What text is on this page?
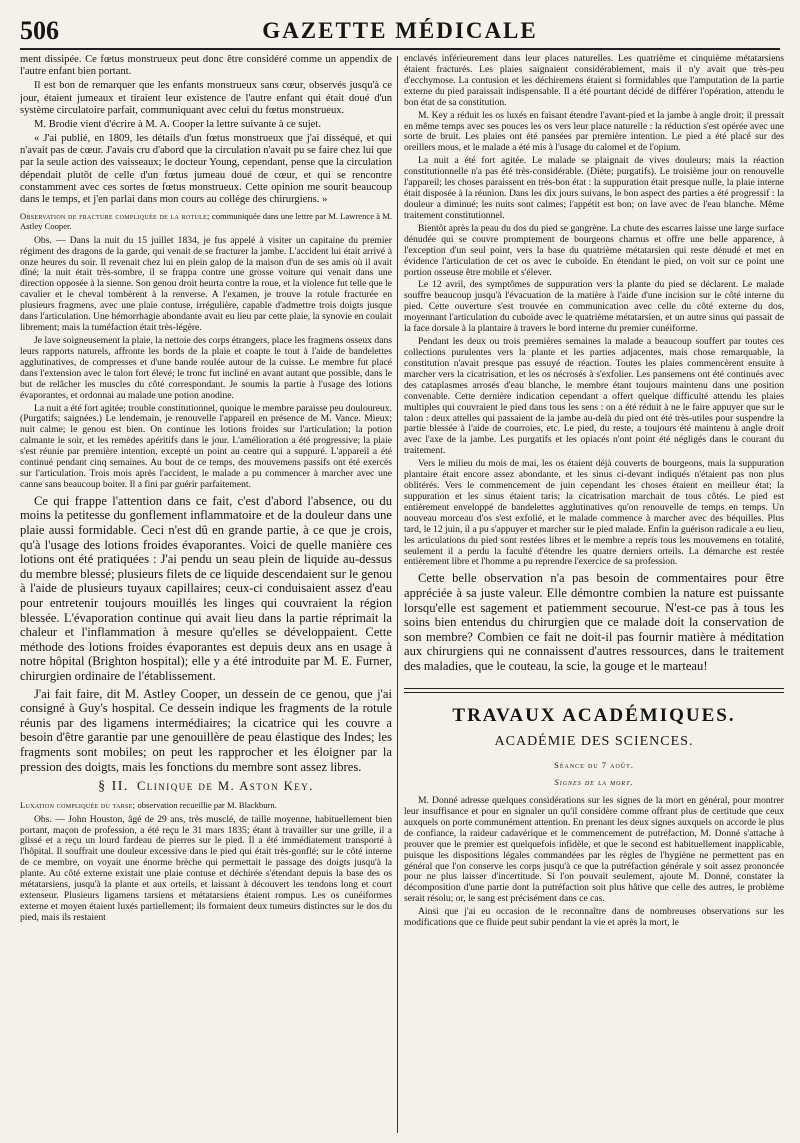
506	GAZETTE MÉDICALE

ment dissipée. Ce fœtus monstrueux peut donc être considéré comme un appendix de l'autre enfant bien portant.

Il est bon de remarquer que les enfants monstrueux sans cœur, observés jusqu'à ce jour, étaient jumeaux et tiraient leur existence de l'autre enfant qui était doué d'un système circulatoire parfait, communiquant avec celui du fœtus monstrueux.

M. Brodie vient d'écrire à M. A. Cooper la lettre suivante à ce sujet.

« J'ai publié, en 1809, les détails d'un fœtus monstrueux que j'ai disséqué, et qui n'avait pas de cœur. J'avais cru d'abord que la circulation n'avait pu se faire chez lui que par la seule action des vaisseaux; le docteur Young, cependant, pense que la circulation dépendait plutôt de celle d'un fœtus jumeau doué de cœur, et qui se rencontre constamment avec ces sortes de fœtus monstrueux. Cette opinion me sourit beaucoup dans le temps, et j'en parlai dans mon cours au collége des chirurgiens. »

Observation de fracture compliquée de la rotule; communiquée dans une lettre par M. Lawrence à M. Astley Cooper.

Obs. — Dans la nuit du 15 juillet 1834, je fus appelé à visiter un capitaine du premier régiment des dragons de la garde, qui venait de se fracturer la jambe. L'accident lui était arrivé à onze heures du soir. Il revenait chez lui en plein galop de la maison d'un de ses amis où il avait dîné; la nuit était très-sombre, il se frappa contre une grosse voiture qui venait dans une direction opposée à la sienne. Son genou droit heurta contre la roue, et la violence fut telle que le cavalier et le cheval tombèrent à la renverse. A l'examen, je trouve la rotule fracturée en plusieurs fragmens, avec une plaie contuse, irrégulière, capable d'admettre trois doigts jusque dans l'articulation. Une hémorrhagie abondante avait eu lieu par cette plaie, la synovie en coulait librement; mais la tuméfaction était très-légère.

Je lave soigneusement la plaie, la nettoie des corps étrangers, place les fragmens osseux dans leurs rapports naturels, affronte les bords de la plaie et coapte le tout à l'aide de bandelettes agglutinatives, de compresses et d'une bande roulée autour de la cuisse. Le membre fut placé dans l'extension avec le talon fort élevé; le tronc fut incliné en avant autant que possible, dans le but de relâcher les muscles du côté correspondant. Je soumis la partie à l'usage des lotions évaporantes, et ordonnai au malade une potion anodine.

La nuit a été fort agitée; trouble constitutionnel, quoique le membre paraisse peu douloureux. (Purgatifs; saignées.) Le lendemain, je renouvelle l'appareil en présence de M. Vance. Mieux; nuit calme; le genou est bien. On continue les lotions froides sur l'articulation; la potion calmante le soir, et les remèdes apéritifs dans le jour. L'amélioration a été progressive; la plaie s'est réunie par première intention, excepté un point au centre qui a suppuré. L'appareil a été continué pendant cinq semaines. Au bout de ce temps, des mouvemens passifs ont été exercés sur l'articulation. Trois mois après l'accident, le malade a pu commencer à marcher avec une canne sans beaucoup boiter. Il a fini par guérir parfaitement.

Ce qui frappe l'attention dans ce fait, c'est d'abord l'absence, ou du moins la petitesse du gonflement inflammatoire et de la douleur dans une plaie aussi formidable. Ceci n'est dû en grande partie, à ce que je crois, qu'à l'usage des lotions froides évaporantes. Voici de quelle manière ces lotions ont été pratiquées : J'ai pendu un seau plein de liquide au-dessus du membre blessé; plusieurs filets de ce liquide descendaient sur le genou à l'aide de plusieurs tuyaux capillaires; ceux-ci conduisaient assez d'eau pour entretenir toujours mouillés les linges qui couvraient la région blessée. L'évaporation continue qui avait lieu dans la partie réprimait la chaleur et l'inflammation à mesure qu'elles se développaient. Cette méthode des lotions froides évaporantes est depuis deux ans en usage à notre hôpital (Brighton hospital); elle y a été introduite par M. E. Furner, chirurgien ordinaire de l'établissement.

J'ai fait faire, dit M. Astley Cooper, un dessein de ce genou, que j'ai consigné à Guy's hospital. Ce dessein indique les fragments de la rotule réunis par des ligamens intermédiaires; la cicatrice qui les couvre a besoin d'être garantie par une genouillère de peau élastique des Indes; les fragments sont mobiles; on peut les rapprocher et les éloigner par la pression des doigts, mais les fonctions du membre sont assez libres.

§ II. Clinique de M. Aston Key.

Luxation compliquée du tarse; observation recueillie par M. Blackburn.

Obs. — John Houston, âgé de 29 ans, très musclé, de taille moyenne, habituellement bien portant, maçon de profession, a été reçu le 31 mars 1835; étant à travailler sur une grille, il a glissé et a reçu un lourd fardeau de pierres sur le pied. Il a été immédiatement transporté à l'hôpital. Il souffrait une douleur excessive dans le pied qui était très-gonflé; sur le côté interne de ce membre, on voyait une énorme brèche qui permettait le passage des doigts jusqu'à la plante. Au côté externe existait une plaie contuse et déchirée s'étendant depuis la base des os métatarsiens, jusqu'à la plante et aux orteils, et laissant à découvert les tendons long et court extenseur. Plusieurs ligamens tarsiens et métatarsiens étaient rompus. Les os cunéiformes externe et moyen étaient luxés partiellement; ils formaient deux tumeurs distinctes sur le dos du pied, mais ils restaient

enclavés inférieurement dans leur places naturelles. Les quatrième et cinquième métatarsiens étaient fracturés. Les plaies saignaient considérablement, mais il n'y avait que très-peu d'ecchymose. La contusion et les déchiremens étaient si formidables que l'amputation de la partie externe du pied paraissait indispensable. Il a été pourtant décidé de différer l'opération, attendu le bon état de sa constitution.

M. Key a réduit les os luxés en faisant étendre l'avant-pied et la jambe à angle droit; il pressait en même temps avec ses pouces les os vers leur place naturelle : la réduction s'est opérée avec une sorte de bruit. Les plaies ont été pansées par première intention. Le pied a été placé sur des oreillers mous, et le malade a été mis à l'usage du calomel et de l'opium.

La nuit a été fort agitée. Le malade se plaignait de vives douleurs; mais la réaction constitutionnelle n'a pas été très-considérable. (Diète; purgatifs). Le troisième jour on renouvelle l'appareil; les choses paraissent en très-bon état : la suppuration était presque nulle, la plaie interne était disposée à la réunion. Dans les dix jours suivans, le bon aspect des parties a été progressif : la douleur a diminué; les nuits sont calmes; l'appétit est bon; on lave avec de l'eau blanche. Même traitement constitutionnel.

Bientôt après la peau du dos du pied se gangrène. La chute des escarres laisse une large surface dénudée qui se couvre promptement de bourgeons charnus et offre une belle apparence, à l'exception d'un seul point, vers la base du quatrième métatarsien qui reste dénudé et met en évidence l'articulation de cet os avec le cuboïde. En étendant le pied, on voit sur ce point une portion osseuse être mobile et s'élever.

Le 12 avril, des symptômes de suppuration vers la plante du pied se déclarent. Le malade souffre beaucoup jusqu'à l'évacuation de la matière à l'aide d'une incision sur le côté interne du pied. Cette ouverture s'est trouvée en communication avec celle du côté externe du dos, moyennant l'articulation du cuboïde avec le quatrième métatarsien, et un autre sinus qui passait de la face dorsale à la plantaire à travers le bord interne du premier cunéiforme.

Pendant les deux ou trois premières semaines la malade a beaucoup souffert par toutes ces collections purulentes vers la plante et les parties adjacentes, mais chose remarquable, la constitution n'avait presque pas essuyé de réaction. Toutes les plaies commencèrent ensuite à marcher vers la cicatrisation, et les os nécrosés à s'exfolier. Les pansemens ont été continués avec des cataplasmes arrosés d'eau blanche, le membre étant toujours maintenu dans une position convenable. Cette dernière indication cependant a offert quelque difficulté attendu les plaies multiples qui couvraient le pied dans tous les sens : on a été réduit à ne le faire appuyer que sur le talon : deux attelles qui passaient de la jambe au-delà du pied ont été très-utiles pour suspendre la partie blessée à l'aide de courroies, etc. Le pied, du reste, a toujours été maintenu à angle droit avec l'axe de la jambe. Les purgatifs et les opiacés n'ont point été négligés dans le courant du traitement.

Vers le milieu du mois de mai, les os étaient déjà couverts de bourgeons, mais la suppuration plantaire était encore assez abondante, et les sinus ci-devant indiqués n'étaient pas non plus oblitérés. Vers le commencement de juin cependant les choses étaient en meilleur état; la suppuration et les sinus étaient taris; la cicatrisation marchait de tous côtés. Le pied est entièrement enveloppé de bandelettes agglutinatives qu'on renouvelle de temps en temps. Un nouveau morceau d'os s'est exfolié, et le malade commence à marcher avec des béquilles. Plus tard, le 12 juin, il a pu s'appuyer et marcher sur le pied malade. Enfin la guérison radicale a eu lieu, les articulations du pied sont restées libres et le membre a repris tous les mouvemens en totalité, seulement il a perdu la faculté d'étendre les quatre derniers orteils. La démarche est restée entièrement libre et l'homme a pu reprendre l'exercice de sa profession.

Cette belle observation n'a pas besoin de commentaires pour être appréciée à sa juste valeur. Elle démontre combien la nature est puissante lorsqu'elle est sagement et patiemment secourue. N'est-ce pas à tous les soins bien entendus du chirurgien que ce malade doit la conservation de son membre? Combien ce fait ne doit-il pas fournir matière à méditation aux chirurgiens qui ne connaissent d'autres ressources, dans le traitement des maladies, que le couteau, la scie, la gouge et le marteau!

TRAVAUX ACADÉMIQUES.
ACADÉMIE DES SCIENCES.
Séance du 7 août.
Signes de la mort.

M. Donné adresse quelques considérations sur les signes de la mort en général, pour montrer leur insuffisance et pour en signaler un qu'il considère comme offrant plus de certitude que ceux auxquels on porte communément attention. En prenant les deux signes auxquels on accorde le plus de confiance, la raideur cadavérique et le commencement de putréfaction, M. Donné s'attache à prouver que le premier est quelquefois infidèle, et que le second est habituellement inapplicable, puisque les dispositions légales commandées par les règles de l'hygiène ne permettent pas en général que l'on conserve les corps jusqu'à ce que la putréfaction générale y soit assez prononcée pour ne plus laisser d'incertitude. Si l'on pouvait seulement, ajoute M. Donné, constater la décomposition d'une partie dont la putréfaction soit plus hâtive que celle des autres, le problème serait résolu; or, le sang est précisément dans ce cas.

Ainsi que j'ai eu occasion de le reconnaître dans de nombreuses observations sur les modifications que ce fluide peut subir pendant la vie et après la mort, le
